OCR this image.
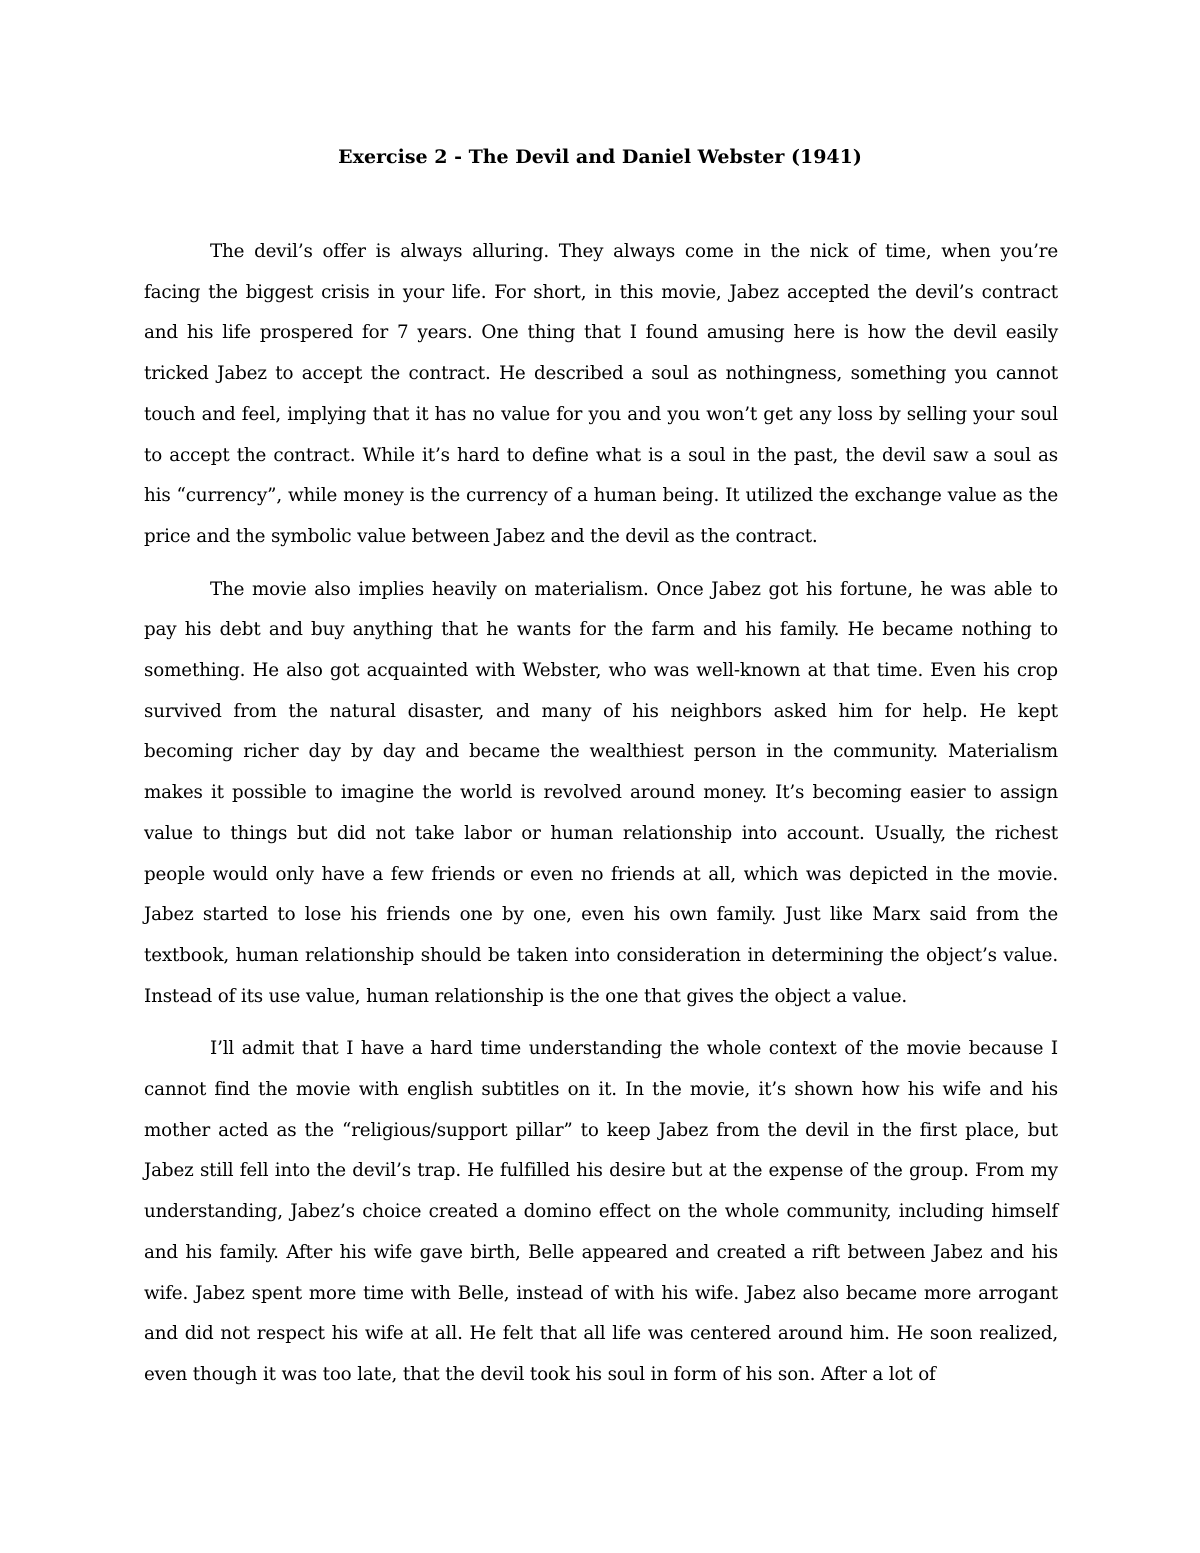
Exercise 2 - The Devil and Daniel Webster (1941)

The devil’s offer is always alluring. They always come in the nick of time, when you’re facing the biggest crisis in your life. For short, in this movie, Jabez accepted the devil’s contract and his life prospered for 7 years. One thing that I found amusing here is how the devil easily tricked Jabez to accept the contract. He described a soul as nothingness, something you cannot touch and feel, implying that it has no value for you and you won’t get any loss by selling your soul to accept the contract. While it’s hard to define what is a soul in the past, the devil saw a soul as his “currency”, while money is the currency of a human being. It utilized the exchange value as the price and the symbolic value between Jabez and the devil as the contract.

The movie also implies heavily on materialism. Once Jabez got his fortune, he was able to pay his debt and buy anything that he wants for the farm and his family. He became nothing to something. He also got acquainted with Webster, who was well-known at that time. Even his crop survived from the natural disaster, and many of his neighbors asked him for help. He kept becoming richer day by day and became the wealthiest person in the community. Materialism makes it possible to imagine the world is revolved around money. It’s becoming easier to assign value to things but did not take labor or human relationship into account. Usually, the richest people would only have a few friends or even no friends at all, which was depicted in the movie. Jabez started to lose his friends one by one, even his own family. Just like Marx said from the textbook, human relationship should be taken into consideration in determining the object’s value. Instead of its use value, human relationship is the one that gives the object a value.

I’ll admit that I have a hard time understanding the whole context of the movie because I cannot find the movie with english subtitles on it. In the movie, it’s shown how his wife and his mother acted as the “religious/support pillar” to keep Jabez from the devil in the first place, but Jabez still fell into the devil’s trap. He fulfilled his desire but at the expense of the group. From my understanding, Jabez’s choice created a domino effect on the whole community, including himself and his family. After his wife gave birth, Belle appeared and created a rift between Jabez and his wife. Jabez spent more time with Belle, instead of with his wife. Jabez also became more arrogant and did not respect his wife at all. He felt that all life was centered around him. He soon realized, even though it was too late, that the devil took his soul in form of his son. After a lot of
